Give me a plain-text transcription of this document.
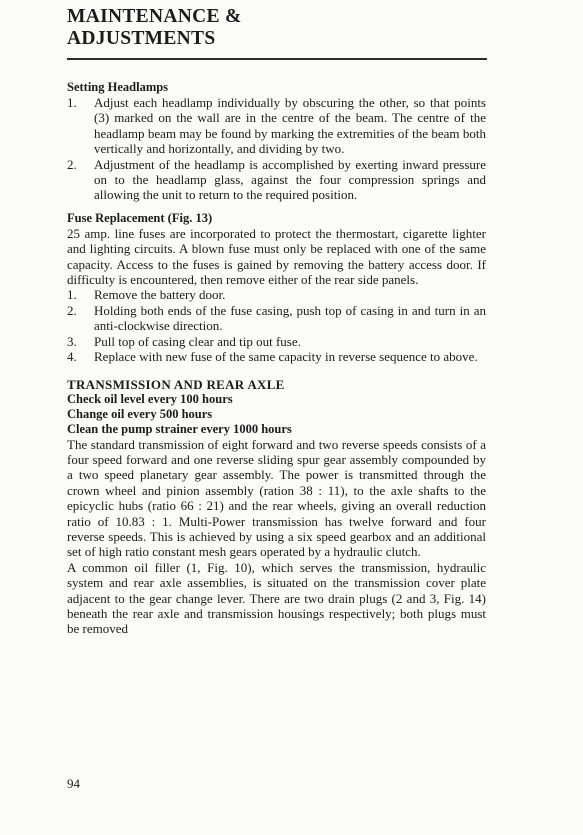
MAINTENANCE &
ADJUSTMENTS
Setting Headlamps
1.	Adjust each headlamp individually by obscuring the other, so that points (3) marked on the wall are in the centre of the beam. The centre of the headlamp beam may be found by marking the extremities of the beam both vertically and horizontally, and dividing by two.
2.	Adjustment of the headlamp is accomplished by exerting inward pressure on to the headlamp glass, against the four compression springs and allowing the unit to return to the required position.
Fuse Replacement (Fig. 13)

25 amp. line fuses are incorporated to protect the thermostart, cigarette lighter and lighting circuits. A blown fuse must only be replaced with one of the same capacity. Access to the fuses is gained by removing the battery access door. If difficulty is encountered, then remove either of the rear side panels.

1.	Remove the battery door.
2.	Holding both ends of the fuse casing, push top of casing in and turn in an anti-clockwise direction.
3.	Pull top of casing clear and tip out fuse.
4.	Replace with new fuse of the same capacity in reverse sequence to above.
TRANSMISSION AND REAR AXLE
Check oil level every 100 hours
Change oil every 500 hours
Clean the pump strainer every 1000 hours

The standard transmission of eight forward and two reverse speeds consists of a four speed forward and one reverse sliding spur gear assembly compounded by a two speed planetary gear assembly. The power is transmitted through the crown wheel and pinion assembly (ration 38 : 11), to the axle shafts to the epicyclic hubs (ratio 66 : 21) and the rear wheels, giving an overall reduction ratio of 10.83 : 1. Multi-Power transmission has twelve forward and four reverse speeds. This is achieved by using a six speed gearbox and an additional set of high ratio constant mesh gears operated by a hydraulic clutch.

A common oil filler (1, Fig. 10), which serves the transmission, hydraulic system and rear axle assemblies, is situated on the transmission cover plate adjacent to the gear change lever. There are two drain plugs (2 and 3, Fig. 14) beneath the rear axle and transmission housings respectively; both plugs must be removed

94
